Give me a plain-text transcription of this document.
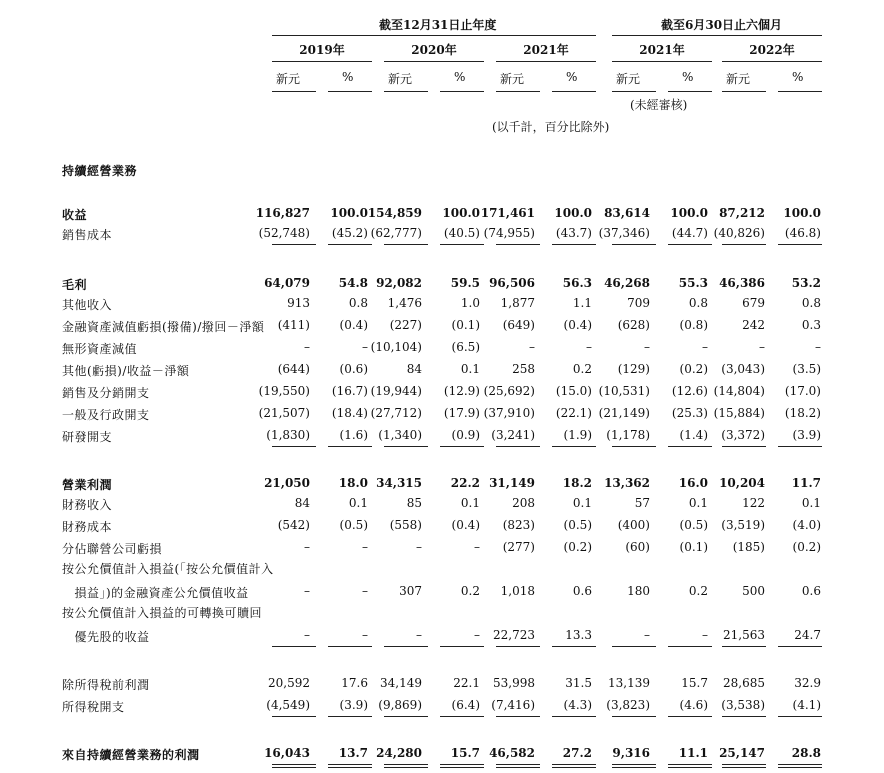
截至12月31日止年度	截至6月30日止六個月
2019年	2020年	2021年	2021年	2022年
新元	%	新元	%	新元	%	新元	%	新元	%
(未經審核)
(以千計，百分比除外)
持續經營業務
收益	116,827 100.0 154,859 100.0 171,461 100.0 83,614 100.0 87,212 100.0
銷售成本	(52,748) (45.2) (62,777) (40.5) (74,955) (43.7) (37,346) (44.7) (40,826) (46.8)
毛利	64,079 54.8 92,082 59.5 96,506 56.3 46,268 55.3 46,386 53.2
其他收入	913	0.8 1,476	1.0 1,877	1.1	709	0.8	679	0.8
金融資產減值虧損(撥備)/撥回－淨額 (411) (0.4) (227) (0.1) (649) (0.4) (628) (0.8)	242	0.3
無形資產減值	–	– (10,104) (6.5)	–	–	–	–	–	–
其他(虧損)/收益－淨額	(644) (0.6)	84	0.1	258	0.2 (129) (0.2) (3,043) (3.5)
銷售及分銷開支	(19,550) (16.7) (19,944) (12.9) (25,692) (15.0) (10,531) (12.6) (14,804) (17.0)
一般及行政開支	(21,507) (18.4) (27,712) (17.9) (37,910) (22.1) (21,149) (25.3) (15,884) (18.2)
研發開支	(1,830) (1.6) (1,340) (0.9) (3,241) (1.9) (1,178) (1.4) (3,372) (3.9)
營業利潤	21,050 18.0 34,315 22.2 31,149 18.2 13,362 16.0 10,204 11.7
財務收入	84	0.1	85	0.1	208	0.1	57	0.1	122	0.1
財務成本	(542) (0.5) (558) (0.4) (823) (0.5) (400) (0.5) (3,519) (4.0)
分佔聯營公司虧損	–	–	–	– (277) (0.2)	(60) (0.1) (185) (0.2)
按公允價值計入損益(「按公允價值計入
　損益」)的金融資產公允價值收益	–	–	307	0.2 1,018	0.6	180	0.2	500	0.6
按公允價值計入損益的可轉換可贖回
　優先股的收益	–	–	–	– 22,723	13.3	–	– 21,563 24.7
除所得稅前利潤	20,592	17.6 34,149	22.1 53,998	31.5 13,139	15.7 28,685 32.9
所得稅開支	(4,549) (3.9) (9,869) (6.4) (7,416) (4.3) (3,823) (4.6) (3,538) (4.1)
來自持續經營業務的利潤	16,043 13.7 24,280 15.7 46,582 27.2 9,316 11.1 25,147 28.8
